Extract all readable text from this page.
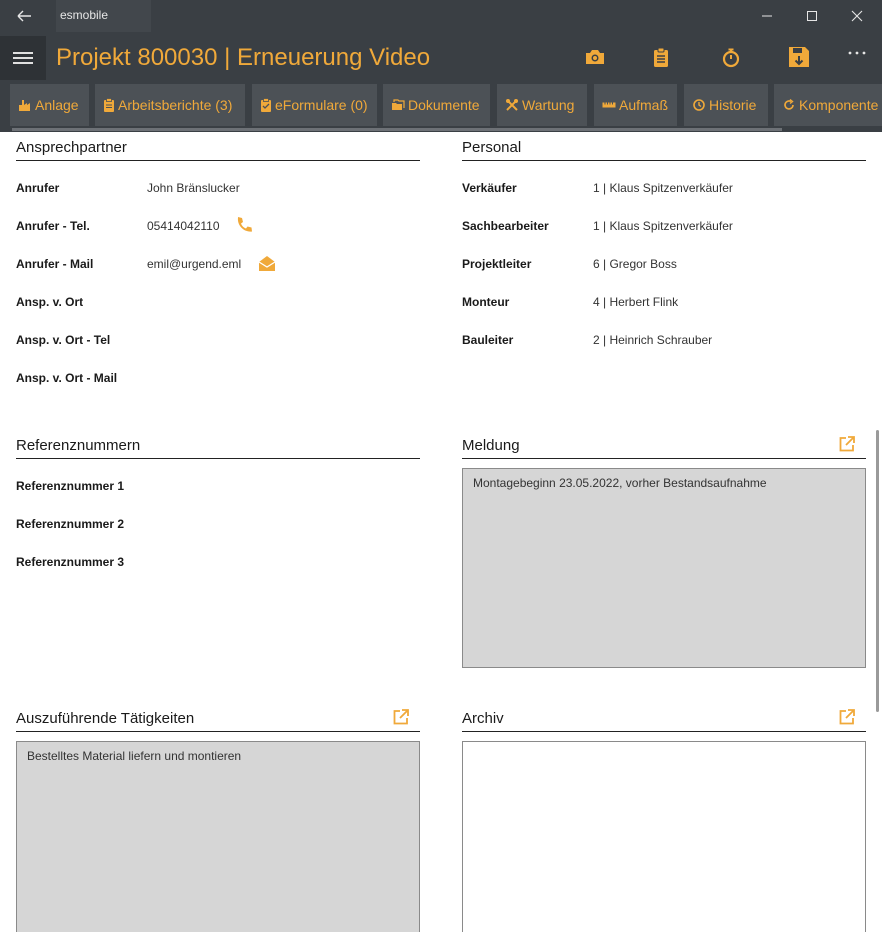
esmobile
Projekt 800030 | Erneuerung Video
Anlage	Arbeitsberichte (3)	eFormulare (0)	Dokumente	Wartung	Aufmaß	Historie	Komponente
Ansprechpartner
Anrufer	John Bränslucker
Anrufer - Tel.	05414042110
Anrufer - Mail	emil@urgend.eml
Ansp. v. Ort
Ansp. v. Ort - Tel
Ansp. v. Ort - Mail
Personal
Verkäufer	1 | Klaus Spitzenverkäufer
Sachbearbeiter	1 | Klaus Spitzenverkäufer
Projektleiter	6 | Gregor Boss
Monteur	4 | Herbert Flink
Bauleiter	2 | Heinrich Schrauber
Referenznummern
Referenznummer 1
Referenznummer 2
Referenznummer 3
Meldung
Montagebeginn 23.05.2022, vorher Bestandsaufnahme
Auszuführende Tätigkeiten
Bestelltes Material liefern und montieren
Archiv
